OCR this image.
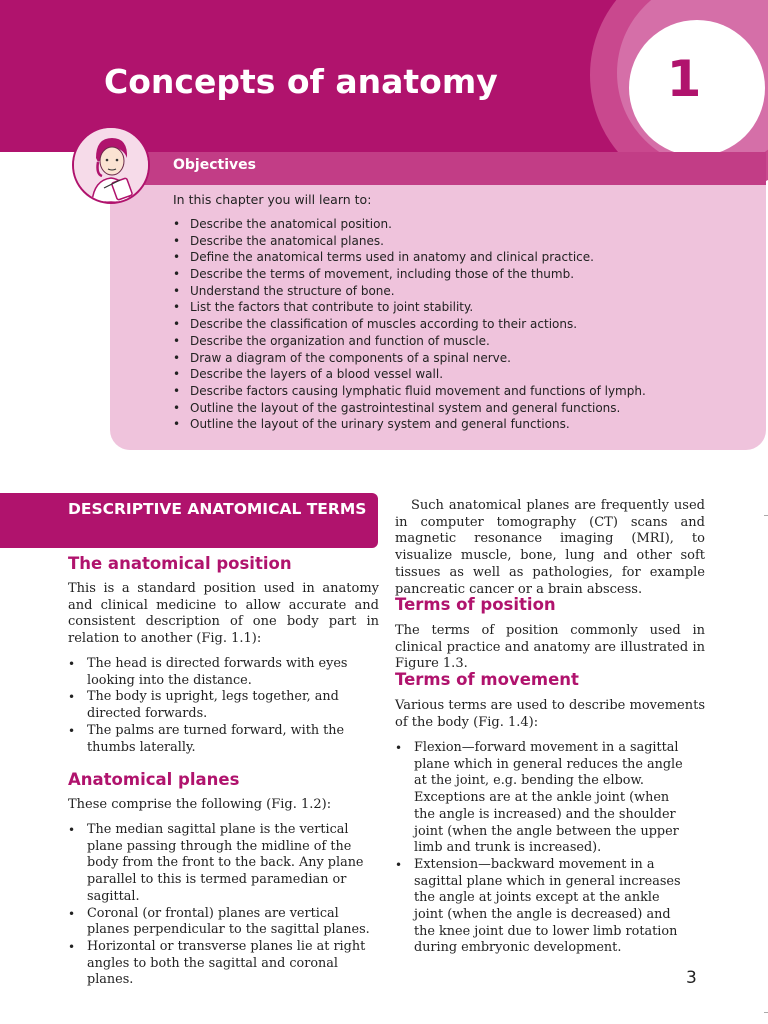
1
Concepts of anatomy
Objectives

In this chapter you will learn to:

• Describe the anatomical position.
• Describe the anatomical planes.
• Define the anatomical terms used in anatomy and clinical practice.
• Describe the terms of movement, including those of the thumb.
• Understand the structure of bone.
• List the factors that contribute to joint stability.
• Describe the classification of muscles according to their actions.
• Describe the organization and function of muscle.
• Draw a diagram of the components of a spinal nerve.
• Describe the layers of a blood vessel wall.
• Describe factors causing lymphatic fluid movement and functions of lymph.
• Outline the layout of the gastrointestinal system and general functions.
• Outline the layout of the urinary system and general functions.
DESCRIPTIVE ANATOMICAL TERMS
The anatomical position

This is a standard position used in anatomy and clinical medicine to allow accurate and consistent description of one body part in relation to another (Fig. 1.1):

• The head is directed forwards with eyes looking into the distance.
• The body is upright, legs together, and directed forwards.
• The palms are turned forward, with the thumbs laterally.
Anatomical planes

These comprise the following (Fig. 1.2):

• The median sagittal plane is the vertical plane passing through the midline of the body from the front to the back. Any plane parallel to this is termed paramedian or sagittal.
• Coronal (or frontal) planes are vertical planes perpendicular to the sagittal planes.
• Horizontal or transverse planes lie at right angles to both the sagittal and coronal planes.

Such anatomical planes are frequently used in computer tomography (CT) scans and magnetic resonance imaging (MRI), to visualize muscle, bone, lung and other soft tissues as well as pathologies, for example pancreatic cancer or a brain abscess.

Terms of position

The terms of position commonly used in clinical practice and anatomy are illustrated in Figure 1.3.

Terms of movement

Various terms are used to describe movements of the body (Fig. 1.4):

• Flexion—forward movement in a sagittal plane which in general reduces the angle at the joint, e.g. bending the elbow. Exceptions are at the ankle joint (when the angle is increased) and the shoulder joint (when the angle between the upper limb and trunk is increased).
• Extension—backward movement in a sagittal plane which in general increases the angle at joints except at the ankle joint (when the angle is decreased) and the knee joint due to lower limb rotation during embryonic development.
3
